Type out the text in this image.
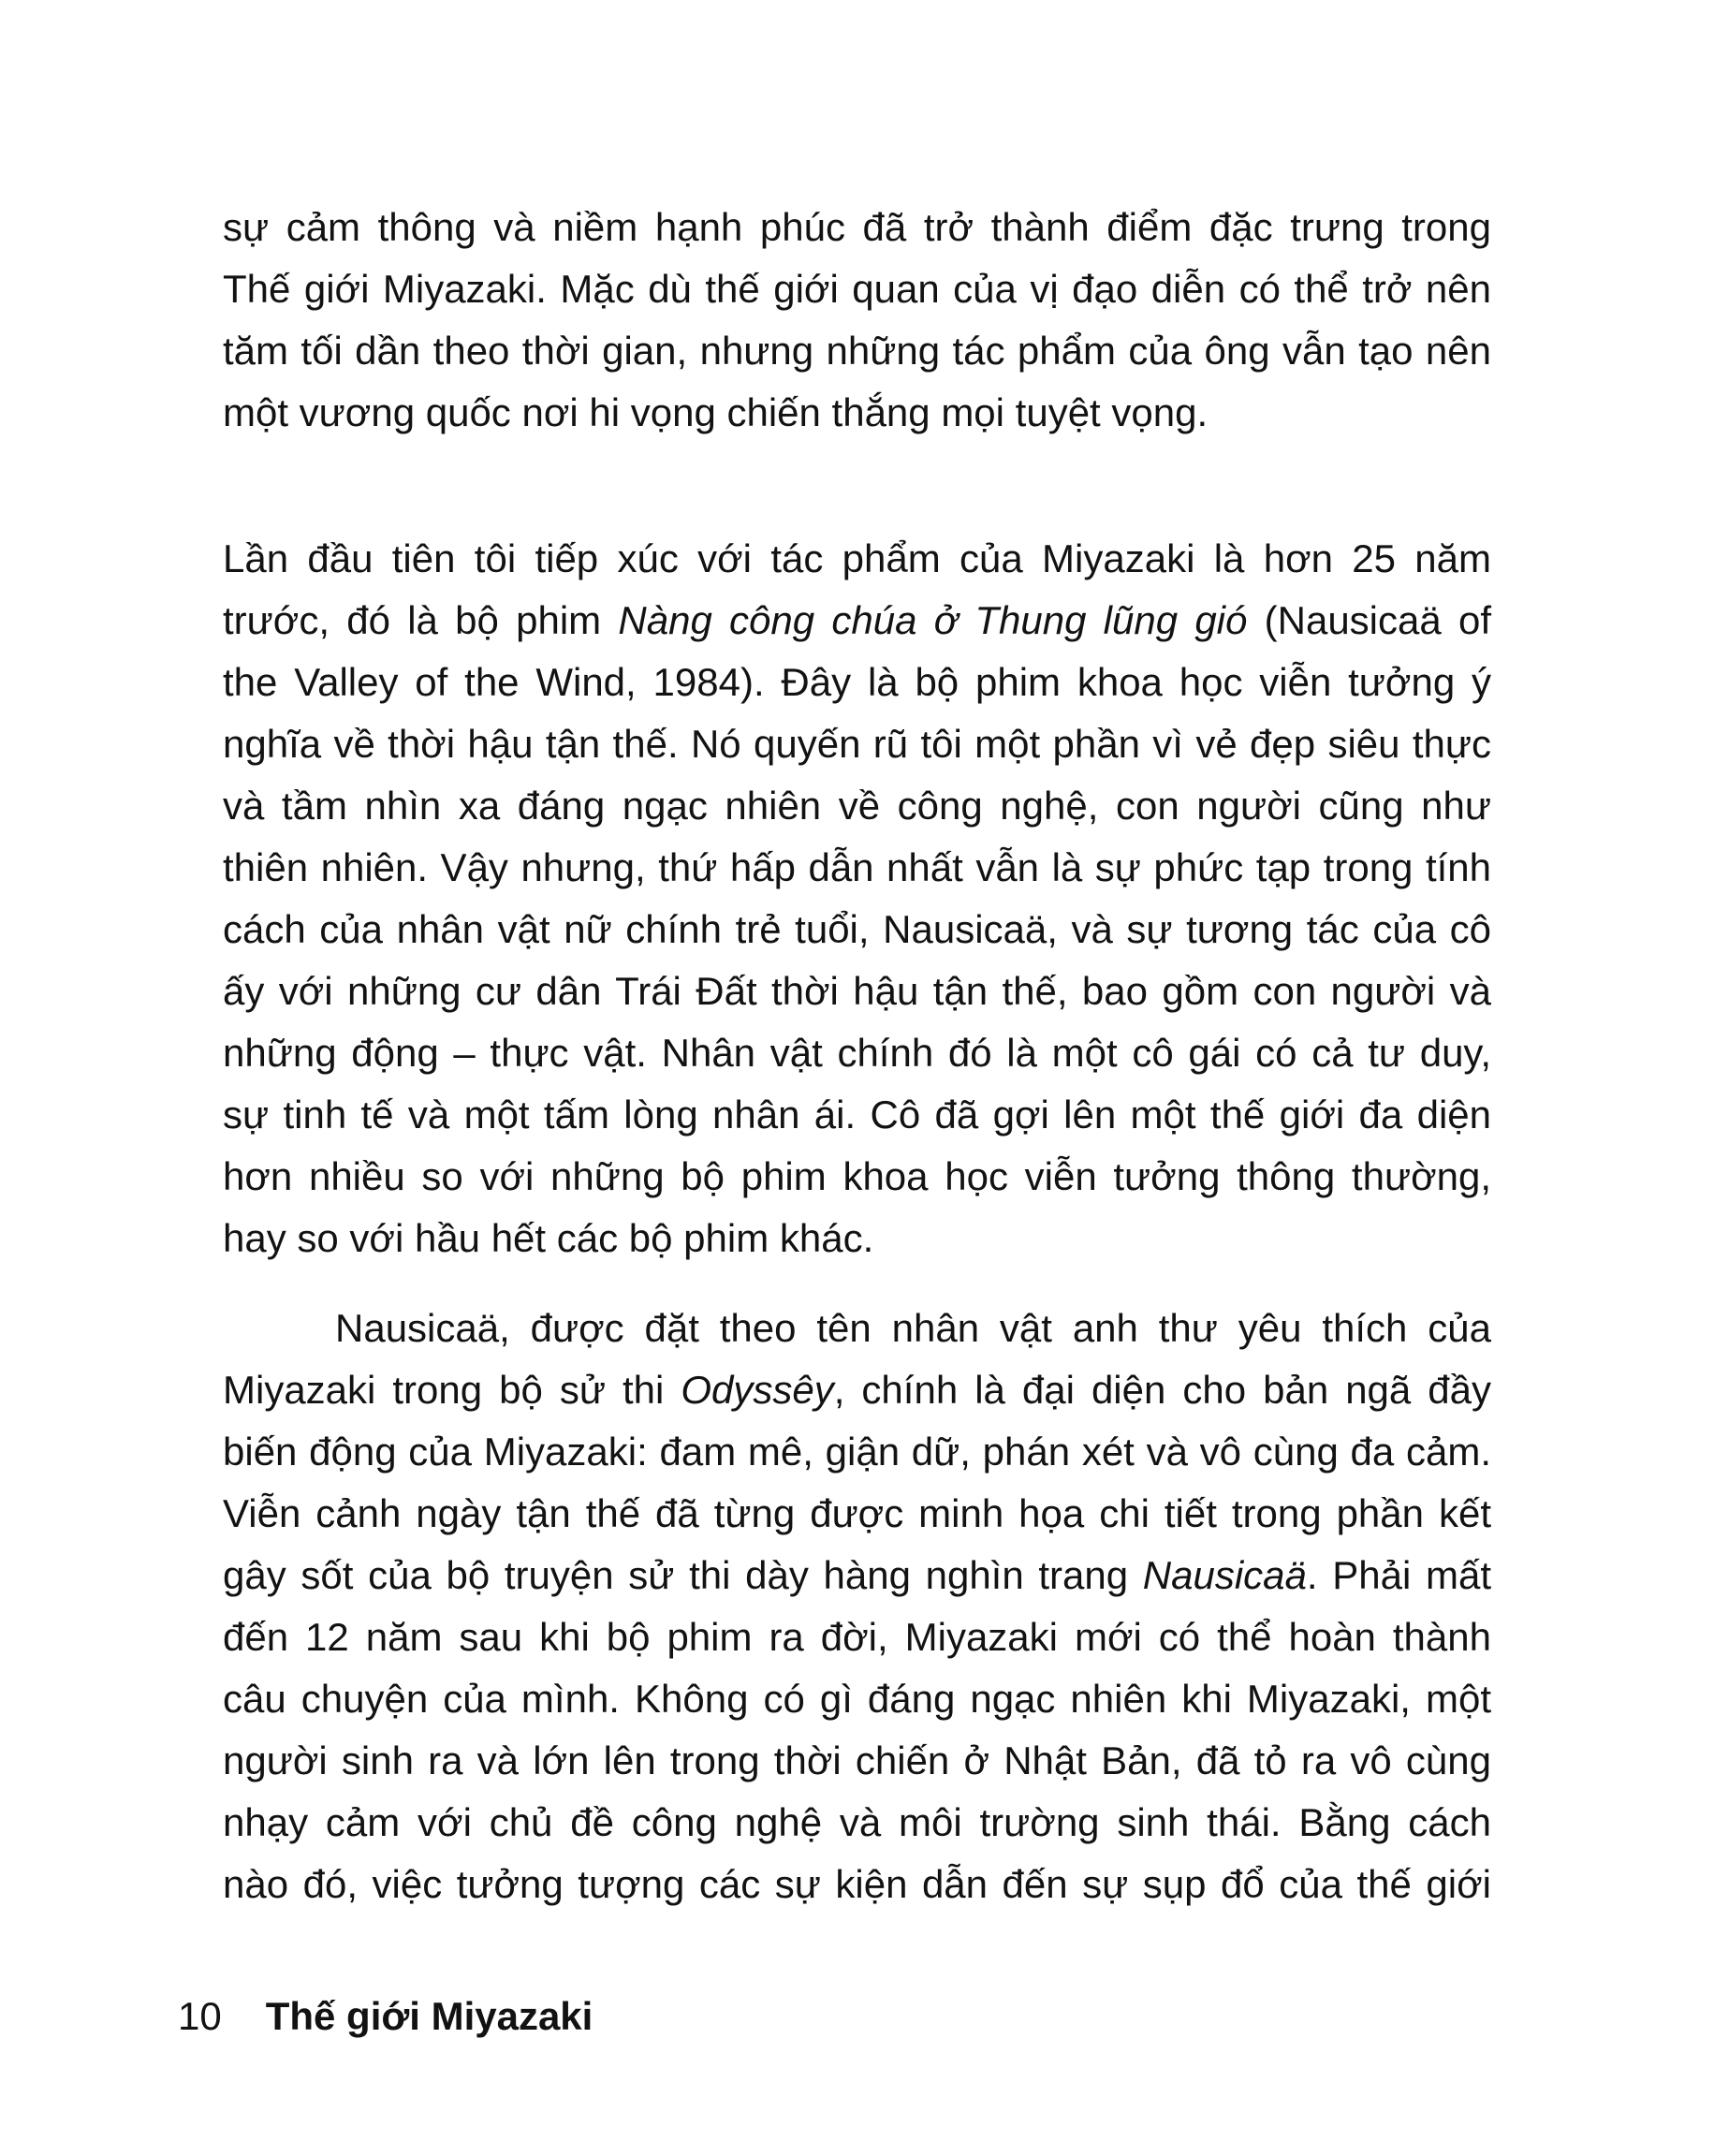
sự cảm thông và niềm hạnh phúc đã trở thành điểm đặc trưng trong
Thế giới Miyazaki. Mặc dù thế giới quan của vị đạo diễn có thể trở nên
tăm tối dần theo thời gian, nhưng những tác phẩm của ông vẫn tạo nên
một vương quốc nơi hi vọng chiến thắng mọi tuyệt vọng.
Lần đầu tiên tôi tiếp xúc với tác phẩm của Miyazaki là hơn 25 năm
trước, đó là bộ phim Nàng công chúa ở Thung lũng gió (Nausicaä of
the Valley of the Wind, 1984). Đây là bộ phim khoa học viễn tưởng ý
nghĩa về thời hậu tận thế. Nó quyến rũ tôi một phần vì vẻ đẹp siêu thực
và tầm nhìn xa đáng ngạc nhiên về công nghệ, con người cũng như
thiên nhiên. Vậy nhưng, thứ hấp dẫn nhất vẫn là sự phức tạp trong tính
cách của nhân vật nữ chính trẻ tuổi, Nausicaä, và sự tương tác của cô
ấy với những cư dân Trái Đất thời hậu tận thế, bao gồm con người và
những động – thực vật. Nhân vật chính đó là một cô gái có cả tư duy,
sự tinh tế và một tấm lòng nhân ái. Cô đã gợi lên một thế giới đa diện
hơn nhiều so với những bộ phim khoa học viễn tưởng thông thường,
hay so với hầu hết các bộ phim khác.
Nausicaä, được đặt theo tên nhân vật anh thư yêu thích của
Miyazaki trong bộ sử thi Odyssêy, chính là đại diện cho bản ngã đầy
biến động của Miyazaki: đam mê, giận dữ, phán xét và vô cùng đa cảm.
Viễn cảnh ngày tận thế đã từng được minh họa chi tiết trong phần kết
gây sốt của bộ truyện sử thi dày hàng nghìn trang Nausicaä. Phải mất
đến 12 năm sau khi bộ phim ra đời, Miyazaki mới có thể hoàn thành
câu chuyện của mình. Không có gì đáng ngạc nhiên khi Miyazaki, một
người sinh ra và lớn lên trong thời chiến ở Nhật Bản, đã tỏ ra vô cùng
nhạy cảm với chủ đề công nghệ và môi trường sinh thái. Bằng cách
nào đó, việc tưởng tượng các sự kiện dẫn đến sự sụp đổ của thế giới
10 Thế giới Miyazaki
